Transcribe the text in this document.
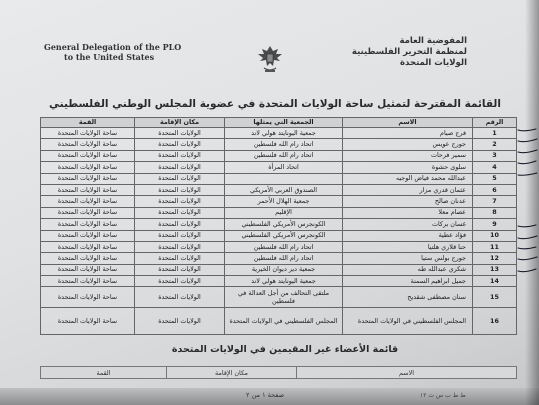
General Delegation of the PLO
to the United States
المفوضية العامة
لمنظمة التحرير الفلسطينية
الولايات المتحدة
القائمة المقترحة لتمثيل ساحة الولايات المتحدة في عضوية المجلس الوطني الفلسطيني
الرقم	الاسم	الجمعية التي يمثلها	مكان الإقامة	القمة
1	فرج صيام	جمعية اليونايتد هولي لاند	الولايات المتحدة	ساحة الولايات المتحدة
2	جورج عويس	اتحاد رام الله فلسطين	الولايات المتحدة	ساحة الولايات المتحدة
3	سمير فرحات	اتحاد رام الله فلسطين	الولايات المتحدة	ساحة الولايات المتحدة
4	سلوى حشوة	اتحاد المرأة	الولايات المتحدة	ساحة الولايات المتحدة
5	عبدالله محمد فياض الوجيه		الولايات المتحدة	ساحة الولايات المتحدة
6	عثمان قدري مزار	الصندوق العربي الأمريكي	الولايات المتحدة	ساحة الولايات المتحدة
7	عدنان صالح	جمعية الهلال الأحمر	الولايات المتحدة	ساحة الولايات المتحدة
8	عصام معلا	الإقليم	الولايات المتحدة	ساحة الولايات المتحدة
9	غسان بركات	الكونجرس الأمريكي الفلسطيني	الولايات المتحدة	ساحة الولايات المتحدة
10	فؤاد عطية	الكونجرس الأمريكي الفلسطيني	الولايات المتحدة	ساحة الولايات المتحدة
11	حنا قلاري هلتيا	اتحاد رام الله فلسطين	الولايات المتحدة	ساحة الولايات المتحدة
12	جورج بولس ستيا	اتحاد رام الله فلسطين	الولايات المتحدة	ساحة الولايات المتحدة
13	شكري عبدالله طه	جمعية دير ديوان الخيرية	الولايات المتحدة	ساحة الولايات المتحدة
14	جميل ابراهيم السمنة	جمعية اليونايتد هولي لاند	الولايات المتحدة	ساحة الولايات المتحدة
15	سنان مصطفى شقديح	ملتقى التحالف من أجل العدالة في فلسطين	الولايات المتحدة	ساحة الولايات المتحدة
16	المجلس الفلسطيني في الولايات المتحدة	المجلس الفلسطيني في الولايات المتحدة	الولايات المتحدة	ساحة الولايات المتحدة
قائمة الأعضاء غير المقيمين في الولايات المتحدة
الاسم	مكان الإقامة	القمة
صفحة ١ من ٢	ط ط ب س ت ١٢
